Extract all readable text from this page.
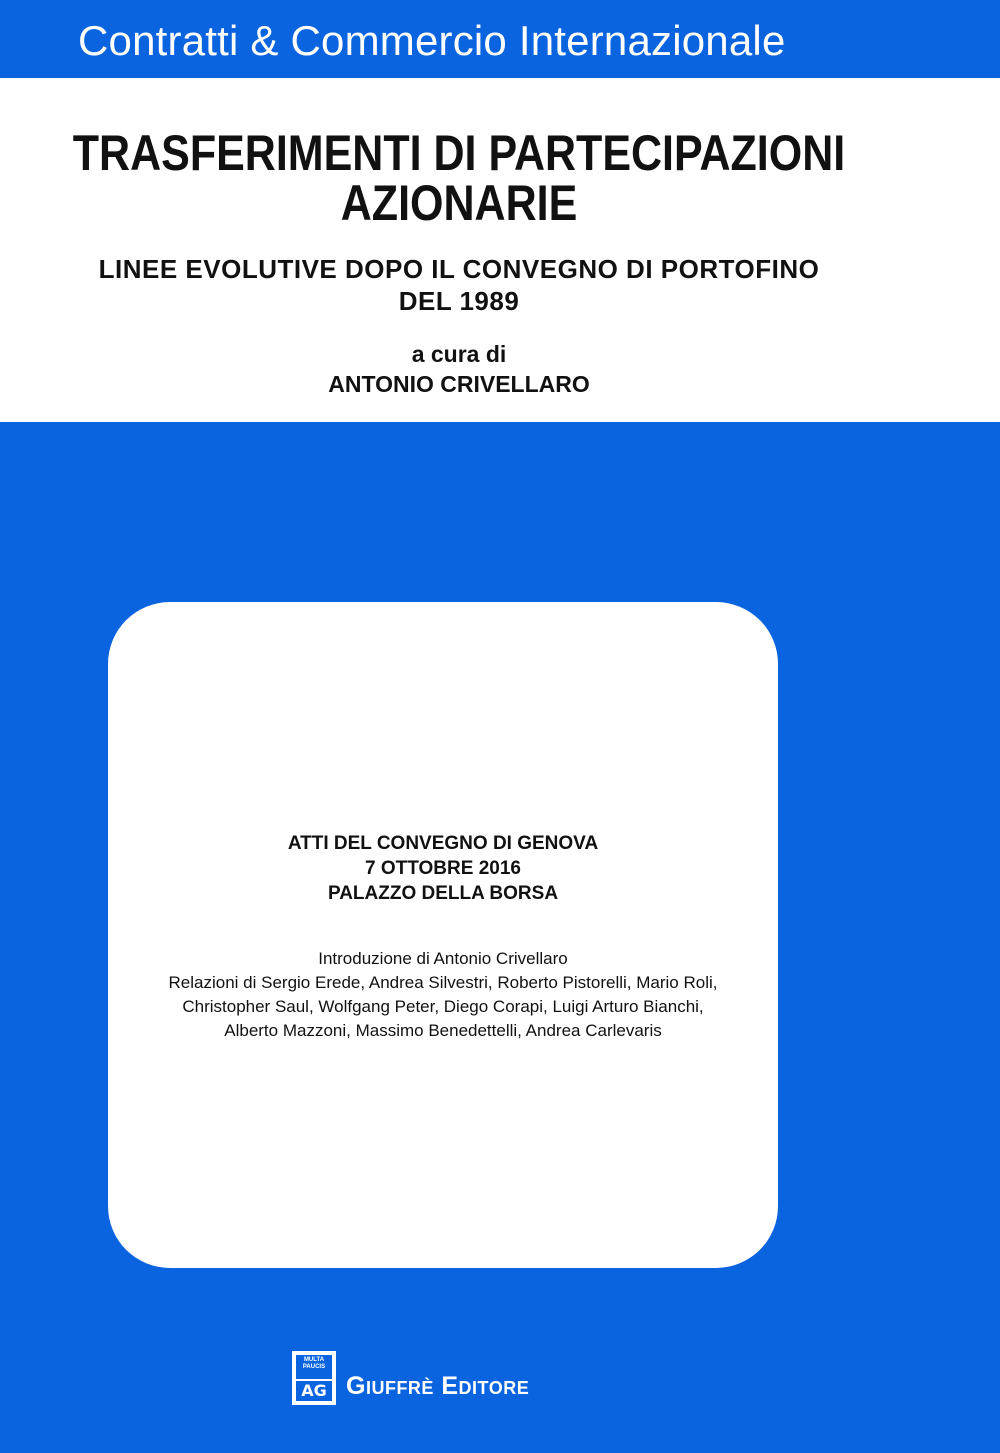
Contratti & Commercio Internazionale
TRASFERIMENTI DI PARTECIPAZIONI
AZIONARIE
LINEE EVOLUTIVE DOPO IL CONVEGNO DI PORTOFINO
DEL 1989
a cura di
ANTONIO CRIVELLARO
ATTI DEL CONVEGNO DI GENOVA
7 OTTOBRE 2016
PALAZZO DELLA BORSA
Introduzione di Antonio Crivellaro
Relazioni di Sergio Erede, Andrea Silvestri, Roberto Pistorelli, Mario Roli,
Christopher Saul, Wolfgang Peter, Diego Corapi, Luigi Arturo Bianchi,
Alberto Mazzoni, Massimo Benedettelli, Andrea Carlevaris
MULTA PAUCIS
AG Giuffrè Editore
